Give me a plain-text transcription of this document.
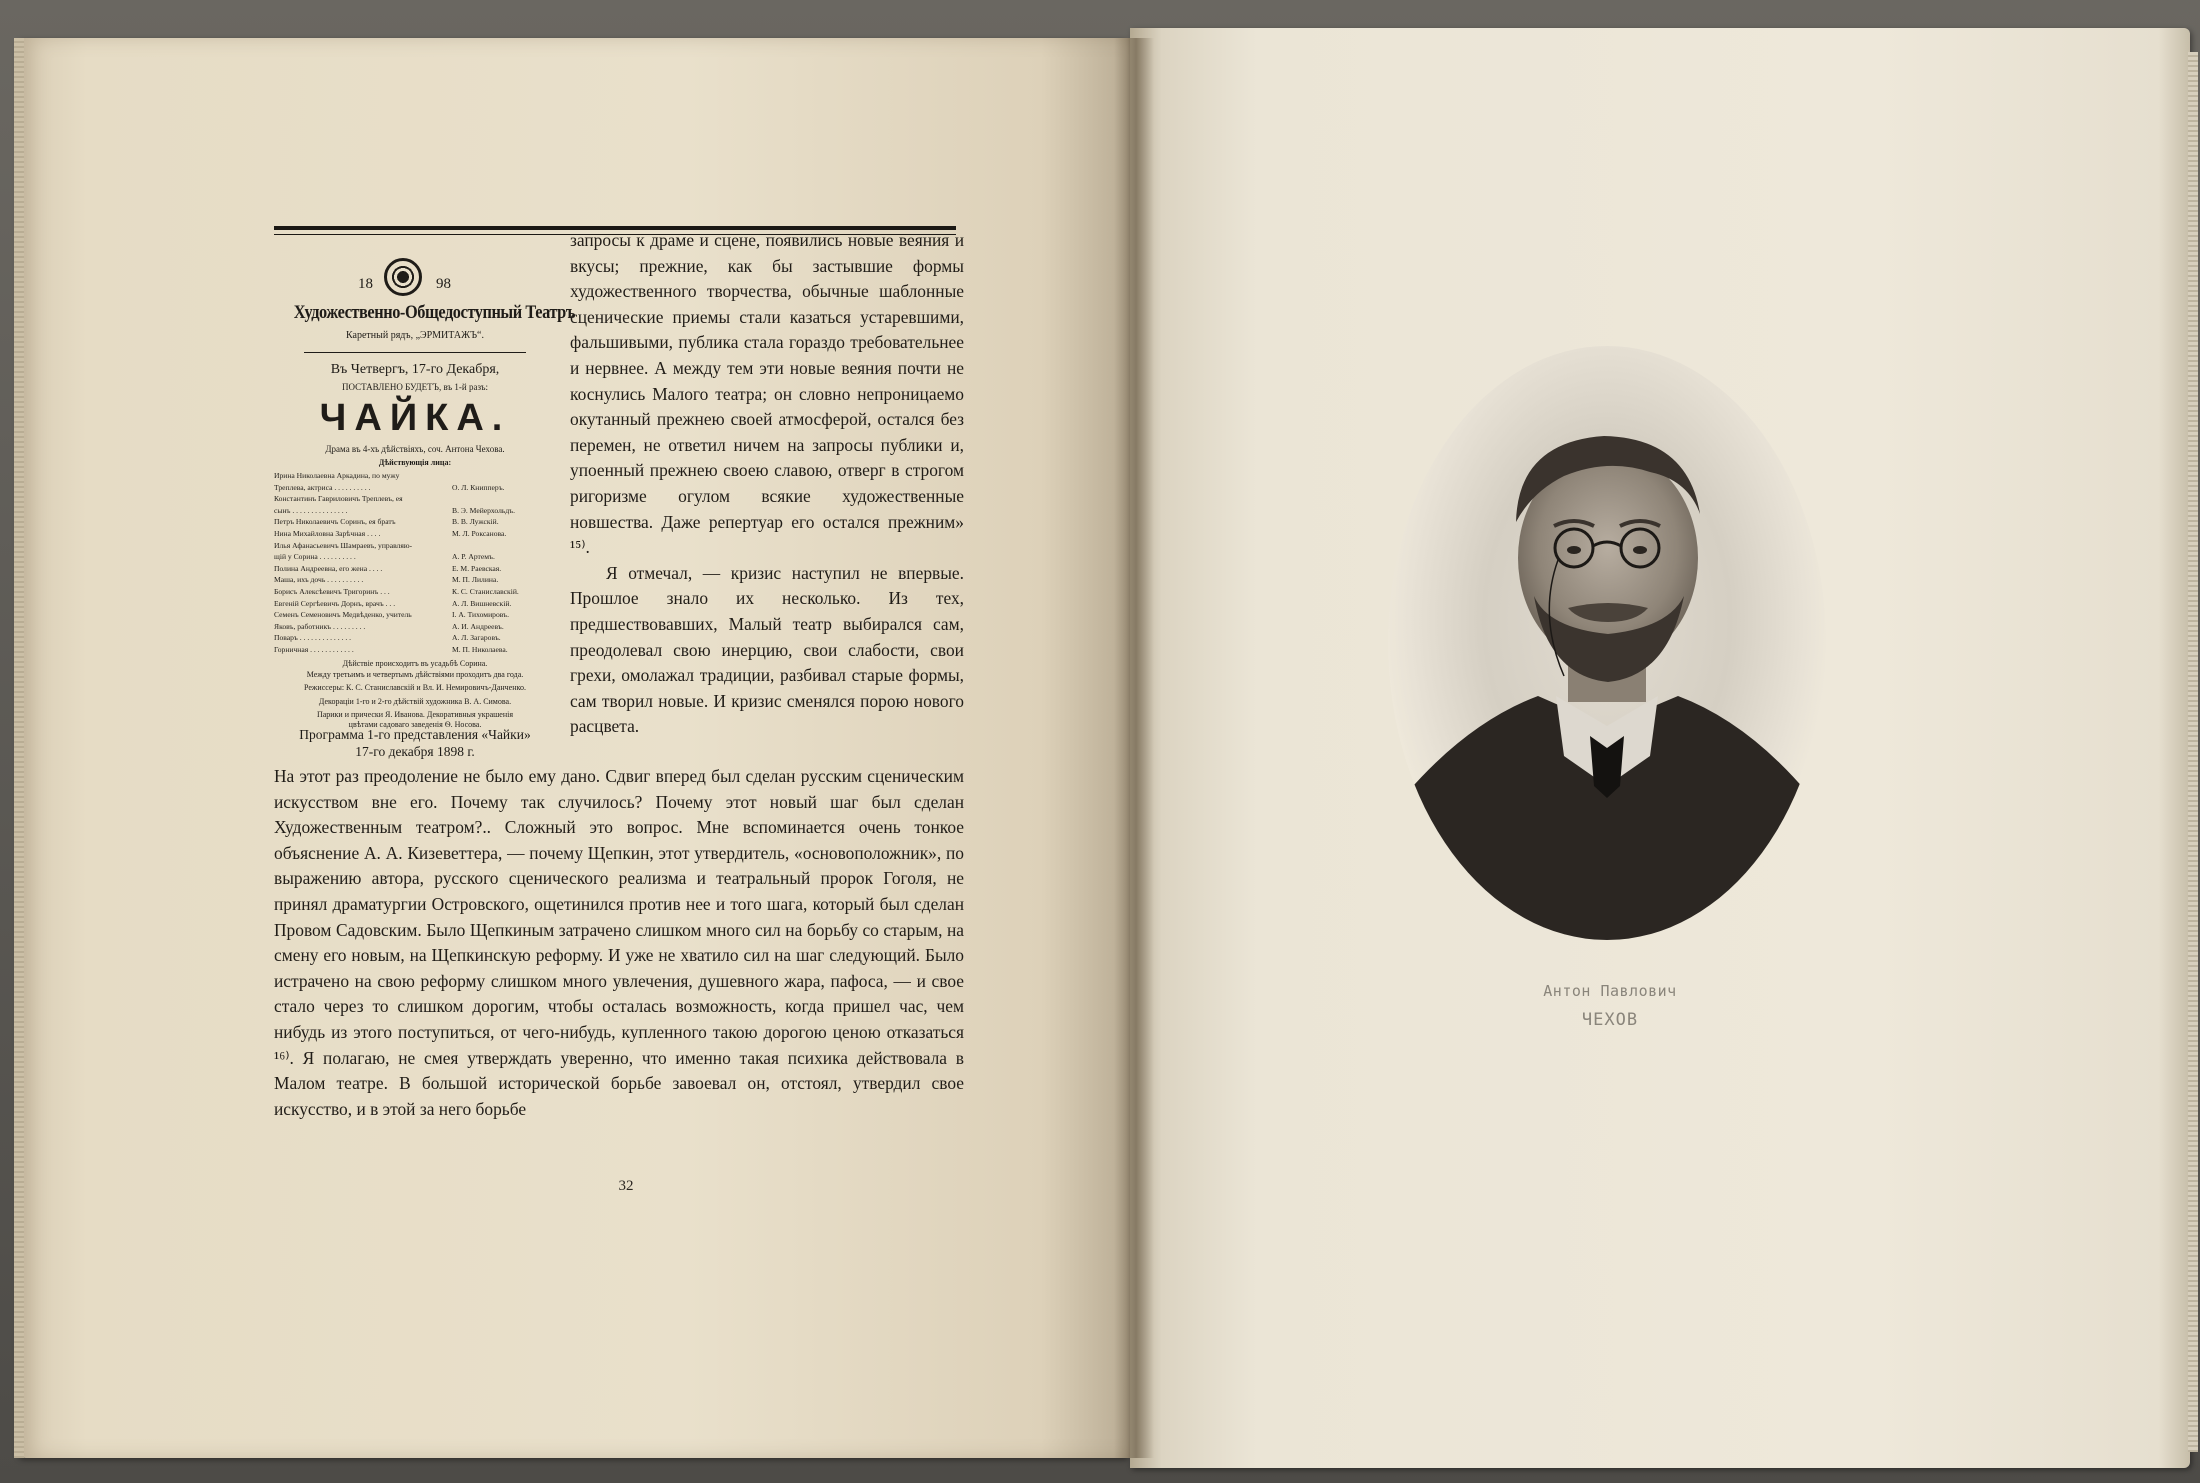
18	98
Художественно-Общедоступный Театръ
Каретный рядъ, „ЭРМИТАЖЪ“.
Въ Четвергъ, 17-го Декабря,
ПОСТАВЛЕНО БУДЕТЪ, въ 1-й разъ:
ЧАЙКА.
Драма въ 4-хъ дѣйствіяхъ, соч. Антона Чехова.
Дѣйствующія лица:
Ирина Николаевна Аркадина, по мужу
Треплева, актриса . . . . . . . . . .	О. Л. Книпперъ.
Константинъ Гавриловичъ Треплевъ, ея
сынъ . . . . . . . . . . . . . . .	В. Э. Мейерхольдъ.
Петръ Николаевичъ Соринъ, ея братъ	В. В. Лужскій.
Нина Михайловна Зарѣчная . . . .	М. Л. Роксанова.
Илья Афанасьевичъ Шамраевъ, управляю-
щій у Сорина . . . . . . . . . .	А. Р. Артемъ.
Полина Андреевна, его жена . . . .	Е. М. Раевская.
Маша, ихъ дочь . . . . . . . . . .	М. П. Лилина.
Борисъ Алексѣевичъ Тригоринъ . . .	К. С. Станиславскій.
Евгеній Сергѣевичъ Дорнъ, врачъ . . .	А. Л. Вишневскій.
Семенъ Семеновичъ Медвѣденко, учитель	І. А. Тихомировъ.
Яковъ, работникъ . . . . . . . . .	А. И. Андреевъ.
Поваръ . . . . . . . . . . . . . .	А. Л. Загаровъ.
Горничная . . . . . . . . . . . .	М. П. Николаева.
Дѣйствіе происходитъ въ усадьбѣ Сорина.
Между третьимъ и четвертымъ дѣйствіями проходитъ два года.
Режиссеры: К. С. Станиславскій и Вл. И. Немировичъ-Данченко.
Декораціи 1-го и 2-го дѣйствій художника В. А. Симова.
Парики и прически Я. Иванова. Декоративныя украшенія
цвѣтами садоваго заведенія Ѳ. Носова.
Программа 1-го представления «Чайки»
17-го декабря 1898 г.

запросы к драме и сцене, появились новые веяния и вкусы; прежние, как бы застывшие формы художественного творчества, обычные шаблонные сценические приемы стали казаться устаревшими, фальшивыми, публика стала гораздо требовательнее и нервнее. А между тем эти новые веяния почти не коснулись Малого театра; он словно непроницаемо окутанный прежнею своей атмосферой, остался без перемен, не ответил ничем на запросы публики и, упоенный прежнею своею славою, отверг в строгом ригоризме огулом всякие художественные новшества. Даже репертуар его остался прежним» ¹⁵⁾.

Я отмечал, — кризис наступил не впервые. Прошлое знало их несколько. Из тех, предшествовавших, Малый театр выбирался сам, преодолевал свою инерцию, свои слабости, свои грехи, омолажал традиции, разбивал старые формы, сам творил новые. И кризис сменялся порою нового расцвета.

На этот раз преодоление не было ему дано. Сдвиг вперед был сделан русским сценическим искусством вне его. Почему так случилось? Почему этот новый шаг был сделан Художественным театром?.. Сложный это вопрос. Мне вспоминается очень тонкое объяснение А. А. Кизеветтера, — почему Щепкин, этот утвердитель, «основоположник», по выражению автора, русского сценического реализма и театральный пророк Гоголя, не принял драматургии Островского, ощетинился против нее и того шага, который был сделан Провом Садовским. Было Щепкиным затрачено слишком много сил на борьбу со старым, на смену его новым, на Щепкинскую реформу. И уже не хватило сил на шаг следующий. Было истрачено на свою реформу слишком много увлечения, душевного жара, пафоса, — и свое стало через то слишком дорогим, чтобы осталась возможность, когда пришел час, чем нибудь из этого поступиться, от чего-нибудь, купленного такою дорогою ценою отказаться ¹⁶⁾. Я полагаю, не смея утверждать уверенно, что именно такая психика действовала в Малом театре. В большой исторической борьбе завоевал он, отстоял, утвердил свое искусство, и в этой за него борьбе

32
Антон Павлович
ЧЕХОВ
